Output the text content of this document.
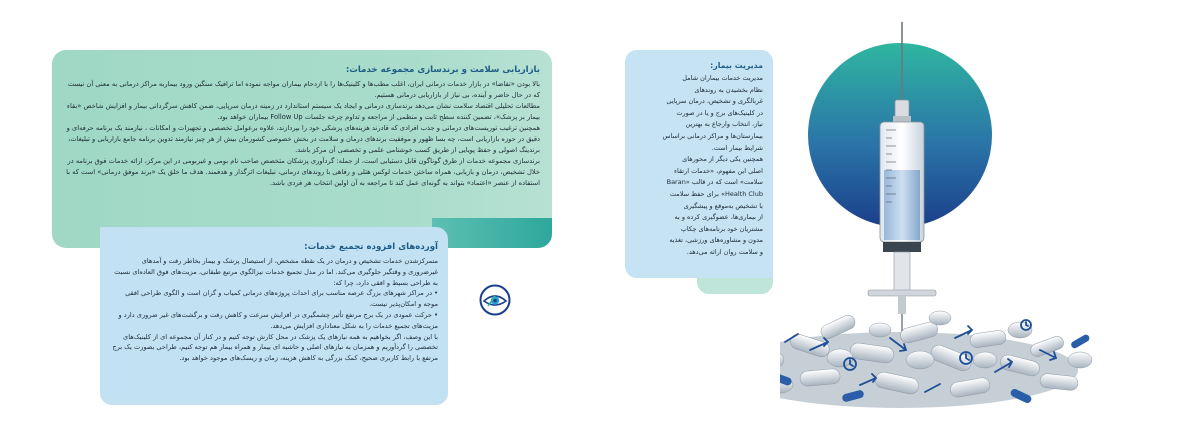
بازاریابی سلامت و برندسازی مجموعه خدمات:

بالا بودن «تقاضا» در بازار خدمات درمانی ایران، اغلب مطب‌ها و کلینیک‌ها را با ازدحام بیماران مواجه نموده اما ترافیک سنگین ورود بیماربه مراکز درمانی به معنی آن نیست که در حال حاضر و آینده، بی نیاز از بازاریابی درمانی هستیم.

مطالعات تحلیلی اقتصاد سلامت نشان می‌دهد برندسازی درمانی و ایجاد یک سیستم استاندارد در زمینه درمان سرپایی، ضمن کاهش سرگردانی بیمار و افزایش شاخص «بقاء بیمار بر پزشک»، تضمین کننده سطح ثابت و منظمی از مراجعه و تداوم چرخه جلسات Follow Up بیماران خواهد بود.

همچنین ترغیب توریست‌های درمانی و جذب افرادی که قادرند هزینه‌های پزشکی خود را بپردازند، علاوه برعوامل تخصصی و تجهیزات و امکانات ، نیازمند یک برنامه حرفه‌ای و دقیق در حوزه بازاریابی است، چه بسا ظهور و موفقیت برندهای درمان و سلامت در بخش خصوصی کشورمان بیش از هر چیز نیازمند تدوین برنامه جامع بازاریابی و تبلیغات، برندینگ اصولی و حفظ پویایی از طریق کسب خوشنامی علمی و تخصصی آن مرکز باشد.

برندسازی مجموعه خدمات از طرق گوناگون قابل دستیابی است، از جمله: گردآوری پزشکان متخصص صاحب نام بومی و غیربومی در این مرکز، ارائه خدمات فوق برنامه در خلال تشخیص، درمان و بازیابی، همراه ساختن خدمات لوکس هتلی و رفاهی با روندهای درمانی، تبلیغات اثرگذار و هدفمند. هدف ما خلق یک «برند موفق درمانی» است که با استفاده از عنصر «اعتماد» بتواند به گونه‌ای عمل کند تا مراجعه به آن اولین انتخاب هر فردی باشد.

آورده‌های افزوده تجمیع خدمات:

متمرکزشدن خدمات تشخیص و درمان در یک نقطه مشخص، از استیصال پزشک و بیمار بخاطر رفت و آمدهای غیرضروری و وقتگیر جلوگیری می‌کند. اما در مدل تجمیع خدمات نیزالگوی مرتبع طبقاتی، مزیت‌های فوق العاده‌ای نسبت به طراحی بسیط و افقی دارد، چرا که:
• در مراکز شهرهای بزرگ عرصه مناسب برای احداث پروژه‌های درمانی کمیاب و گران است و الگوی طراحی افقی موجه و امکان‌پذیر نیست.
• حرکت عمودی در یک برج مرتفع تأثیر چشمگیری در افزایش سرعت و کاهش رفت و برگشت‌های غیر ضروری دارد و مزیت‌های تجمیع خدمات را به شکل معناداری افزایش می‌دهد.
با این وصف، اگر بخواهیم به همه نیازهای یک پزشک در محل کارش توجه کنیم و در کنار آن مجموعه ای از کلینیک‌های تخصصی را گردآوریم و همزمان به نیازهای اصلی و حاشیه ای بیمار و همراه بیمار هم توجه کنیم، طراحی بصورت یک برج مرتفع با رابط کاربری صحیح، کمک بزرگی به کاهش هزینه، زمان و ریسک‌های موجود خواهد بود.

مدیریت بیمار:

مدیریت خدمات بیماران شامل

نظام بخشیدن به روندهای

غربالگری و تشخیص، درمان سرپایی

در کلینیک‌های برج و یا در صورت

نیاز، انتخاب وارجاع به بهترین

بیمارستان‌ها و مراکز درمانی براساس

شرایط بیمار است.

همچنین یکی دیگر از محورهای

اصلی این مفهوم، «خدمات ارتقاء

سلامت» است که در قالب «Baran

Health Club» برای حفظ سلامت

با تشخیص به‌موقع و پیشگیری

از بیماری‌ها، عضوگیری کرده و به

مشتریان خود برنامه‌های چکاپ

مدون و مشاوره‌های ورزشی، تغذیه

و سلامت روان ارائه می‌دهد.
